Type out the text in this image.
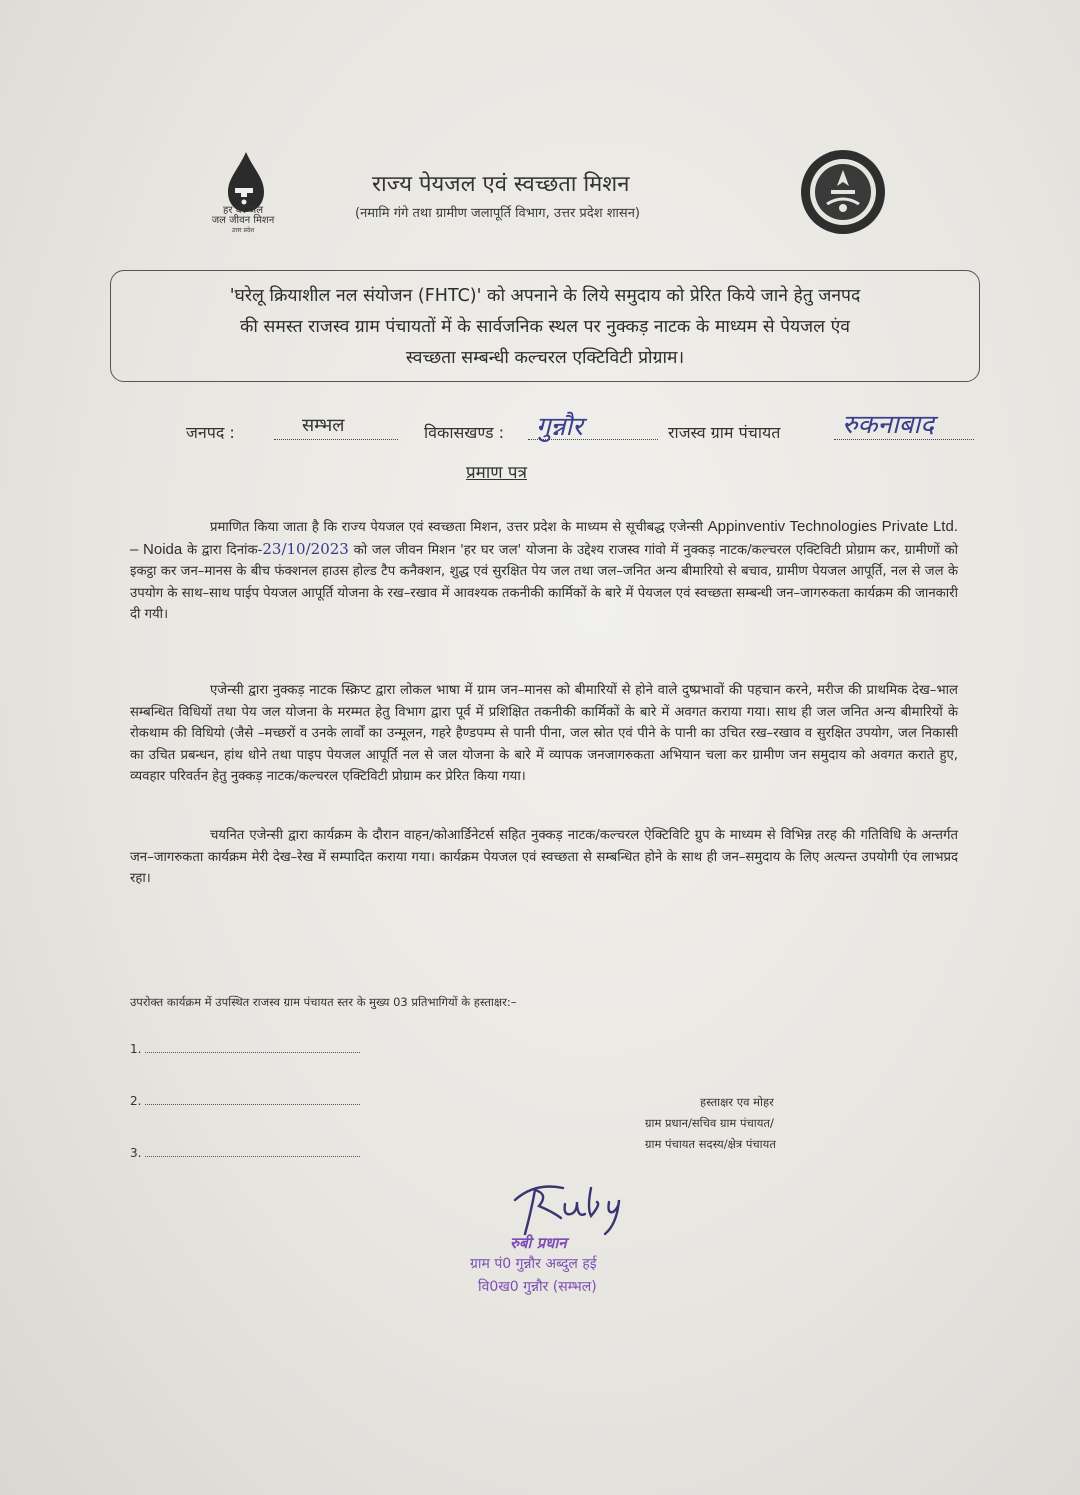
हर घर जल
जल जीवन मिशन
उत्तर प्रदेश
राज्य पेयजल एवं स्वच्छता मिशन
(नमामि गंगे तथा ग्रामीण जलापूर्ति विभाग, उत्तर प्रदेश शासन)
'घरेलू क्रियाशील नल संयोजन (FHTC)' को अपनाने के लिये समुदाय को प्रेरित किये जाने हेतु जनपद
की समस्त राजस्व ग्राम पंचायतों में के सार्वजनिक स्थल पर नुक्कड़ नाटक के माध्यम से पेयजल एंव
स्वच्छता सम्बन्धी कल्चरल एक्टिविटी प्रोग्राम।
जनपद :	सम्भल	विकासखण्ड : गुन्नौर	राजस्व ग्राम पंचायत रुकनाबाद
प्रमाण पत्र
प्रमाणित किया जाता है कि राज्य पेयजल एवं स्वच्छता मिशन, उत्तर प्रदेश के माध्यम से सूचीबद्ध एजेन्सी Appinventiv Technologies Private Ltd. – Noida के द्वारा दिनांक-23/10/2023 को जल जीवन मिशन 'हर घर जल' योजना के उद्देश्य राजस्व गांवो में नुक्कड़ नाटक/कल्चरल एक्टिविटी प्रोग्राम कर, ग्रामीणों को इकट्ठा कर जन–मानस के बीच फंक्शनल हाउस होल्ड टैप कनैक्शन, शुद्ध एवं सुरक्षित पेय जल तथा जल–जनित अन्य बीमारियो से बचाव, ग्रामीण पेयजल आपूर्ति, नल से जल के उपयोग के साथ–साथ पाईप पेयजल आपूर्ति योजना के रख–रखाव में आवश्यक तकनीकी कार्मिकों के बारे में पेयजल एवं स्वच्छता सम्बन्धी जन–जागरुकता कार्यक्रम की जानकारी दी गयी।
एजेन्सी द्वारा नुक्कड़ नाटक स्क्रिप्ट द्वारा लोकल भाषा में ग्राम जन–मानस को बीमारियों से होने वाले दुष्प्रभावों की पहचान करने, मरीज की प्राथमिक देख–भाल सम्बन्धित विधियों तथा पेय जल योजना के मरम्मत हेतु विभाग द्वारा पूर्व में प्रशिक्षित तकनीकी कार्मिकों के बारे में अवगत कराया गया। साथ ही जल जनित अन्य बीमारियों के रोकथाम की विधियो (जैसे –मच्छरों व उनके लार्वों का उन्मूलन, गहरे हैण्डपम्प से पानी पीना, जल स्रोत एवं पीने के पानी का उचित रख–रखाव व सुरक्षित उपयोग, जल निकासी का उचित प्रबन्धन, हांथ धोने तथा पाइप पेयजल आपूर्ति नल से जल योजना के बारे में व्यापक जनजागरुकता अभियान चला कर ग्रामीण जन समुदाय को अवगत कराते हुए, व्यवहार परिवर्तन हेतु नुक्कड़ नाटक/कल्चरल एक्टिविटी प्रोग्राम कर प्रेरित किया गया।
चयनित एजेन्सी द्वारा कार्यक्रम के दौरान वाहन/कोआर्डिनेटर्स सहित नुक्कड़ नाटक/कल्चरल ऐक्टिविटि ग्रुप के माध्यम से विभिन्न तरह की गतिविधि के अन्तर्गत जन–जागरुकता कार्यक्रम मेरी देख–रेख में सम्पादित कराया गया। कार्यक्रम पेयजल एवं स्वच्छता से सम्बन्धित होने के साथ ही जन–समुदाय के लिए अत्यन्त उपयोगी एंव लाभप्रद रहा।
उपरोक्त कार्यक्रम में उपस्थित राजस्व ग्राम पंचायत स्तर के मुख्य 03 प्रतिभागियों के हस्ताक्षर:–
1.
2.
3.
हस्ताक्षर एव मोहर
ग्राम प्रधान/सचिव ग्राम पंचायत/
ग्राम पंचायत सदस्य/क्षेत्र पंचायत
रुबी प्रधान
ग्राम पं0 गुन्नौर अब्दुल हई
वि0ख0 गुन्नौर (सम्भल)
